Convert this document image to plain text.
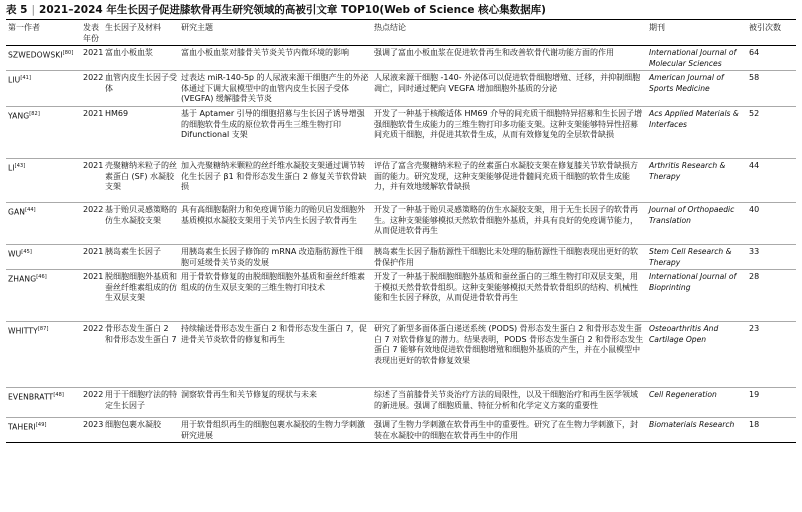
表 5 | 2021–2024 年生长因子促进膝软骨再生研究领域的高被引文章 TOP10(Web of Science 核心集数据库)
第一作者	发表年份	生长因子及材料	研究主题	热点结论	期刊	被引次数
SZWEDOWSKI[80]	2021	富血小板血浆	富血小板血浆对膝骨关节炎关节内微环境的影响	强调了富血小板血浆在促进软骨再生和改善软骨代谢功能方面的作用	International Journal of Molecular Sciences	64
LIU[41]	2022	血管内皮生长因子受体	过表达 miR-140-5p 的人尿液来源干细胞产生的外泌体通过下调大鼠模型中的血管内皮生长因子受体 (VEGFA) 缓解膝骨关节炎	人尿液来源干细胞 -140- 外泌体可以促进软骨细胞增殖、迁移，并抑制细胞凋亡，同时通过靶向 VEGFA 增加细胞外基质的分泌	American Journal of Sports Medicine	58
YANG[82]	2021	HM69	基于 Aptamer 引导的细胞招募与生长因子诱导增强的细胞软骨生成的原位软骨再生三维生物打印 Difunctional 支架	开发了一种基于核酸适体 HM69 介导的间充质干细胞特异招募和生长因子增强细胞软骨生成能力的三维生物打印多功能支架。这种支架能够特异性招募间充质干细胞，并促进其软骨生成，从而有效修复兔的全层软骨缺损	Acs Applied Materials & Interfaces	52
LI[43]	2021	壳聚糖纳米粒子的丝素蛋白 (SF) 水凝胶支架	加入壳聚糖纳米颗粒的丝纤维水凝胶支架通过调节转化生长因子 β1 和骨形态发生蛋白 2 修复关节软骨缺损	评估了富含壳聚糖纳米粒子的丝素蛋白水凝胶支架在修复膝关节软骨缺损方面的能力。研究发现，这种支架能够促进骨髓间充质干细胞的软骨生成能力，并有效地缓解软骨缺损	Arthritis Research & Therapy	44
GAN[44]	2022	基于贻贝灵感策略的仿生水凝胶支架	具有高细胞黏附力和免疫调节能力的贻贝启发细胞外基质模拟水凝胶支架用于关节内生长因子软骨再生	开发了一种基于贻贝灵感策略的仿生水凝胶支架，用于无生长因子的软骨再生。这种支架能够模拟天然软骨细胞外基质，并具有良好的免疫调节能力，从而促进软骨再生	Journal of Orthopaedic Translation	40
WU[45]	2021	胰岛素生长因子	用胰岛素生长因子修饰的 mRNA 改造脂肪源性干细胞可延缓骨关节炎的发展	胰岛素生长因子脂肪源性干细胞比未处理的脂肪源性干细胞表现出更好的软骨保护作用	Stem Cell Research & Therapy	33
ZHANG[46]	2021	脱细胞细胞外基质和蚕丝纤维素组成的仿生双层支架	用于骨软骨修复的由脱细胞细胞外基质和蚕丝纤维素组成的仿生双层支架的三维生物打印技术	开发了一种基于脱细胞细胞外基质和蚕丝蛋白的三维生物打印双层支架，用于模拟天然骨软骨组织。这种支架能够模拟天然骨软骨组织的结构、机械性能和生长因子释放，从而促进骨软骨再生	International Journal of Bioprinting	28
WHITTY[87]	2022	骨形态发生蛋白 2 和骨形态发生蛋白 7	持续输送骨形态发生蛋白 2 和骨形态发生蛋白 7，促进骨关节炎软骨的修复和再生	研究了新型多面体蛋白递送系统 (PODS) 骨形态发生蛋白 2 和骨形态发生蛋白 7 对软骨修复的潜力。结果表明，PODS 骨形态发生蛋白 2 和骨形态发生蛋白 7 能够有效地促进软骨细胞增殖和细胞外基质的产生，并在小鼠模型中表现出更好的软骨修复效果	Osteoarthritis And Cartilage Open	23
EVENBRATT[48]	2022	用于干细胞疗法的特定生长因子	洞察软骨再生和关节修复的现状与未来	综述了当前膝骨关节炎治疗方法的局限性，以及干细胞治疗和再生医学领域的新进展。强调了细胞质量、特征分析和化学定义方案的重要性	Cell Regeneration	19
TAHERI[49]	2023	细胞包裹水凝胶	用于软骨组织再生的细胞包裹水凝胶的生物力学刺激研究进展	强调了生物力学刺激在软骨再生中的重要性。研究了在生物力学刺激下，封装在水凝胶中的细胞在软骨再生中的作用	Biomaterials Research	18
